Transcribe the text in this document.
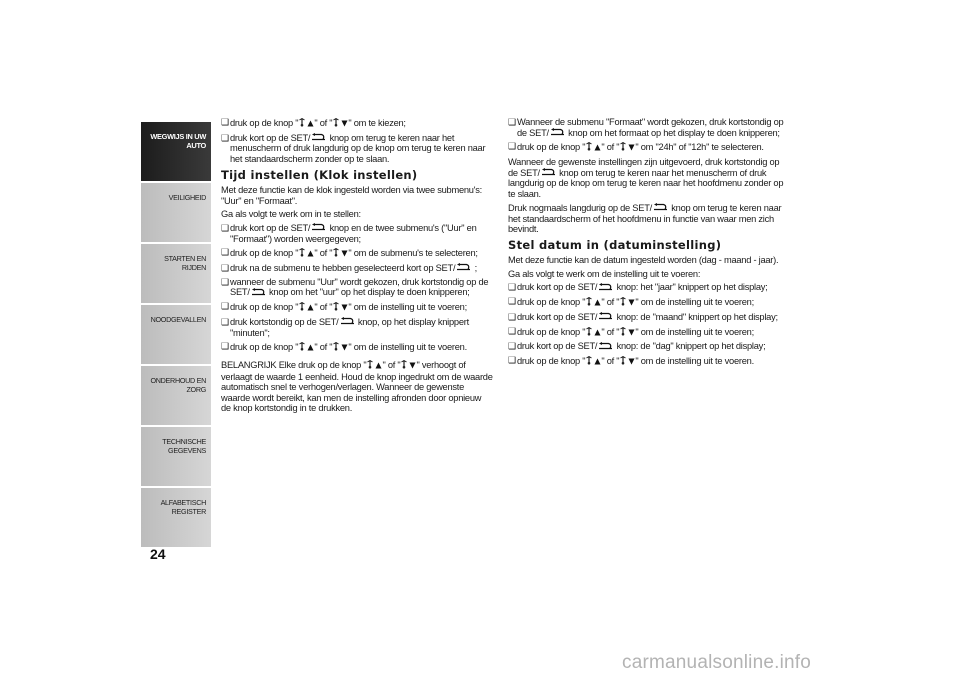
WEGWIJS IN UW
AUTO
VEILIGHEID
STARTEN EN RIJDEN
NOODGEVALLEN
ONDERHOUD EN
ZORG
TECHNISCHE
GEGEVENS
ALFABETISCH
REGISTER
24
❑ druk op de knop " " of " " om te kiezen;
❑ druk kort op de SET/ knop om terug te keren naar het menuscherm of druk langdurig op de knop om terug te keren naar het standaardscherm zonder op te slaan.
Tijd instellen (Klok instellen)
Met deze functie kan de klok ingesteld worden via twee submenu's: "Uur" en "Formaat".
Ga als volgt te werk om in te stellen:
❑ druk kort op de SET/ knop en de twee submenu's ("Uur" en "Formaat") worden weergegeven;
❑ druk op de knop " " of " " om de submenu's te selecteren;
❑ druk na de submenu te hebben geselecteerd kort op SET/ ;
❑ wanneer de submenu "Uur" wordt gekozen, druk kortstondig op de SET/ knop om het "uur" op het display te doen knipperen;
❑ druk op de knop " " of " " om de instelling uit te voeren;
❑ druk kortstondig op de SET/ knop, op het display knippert "minuten";
❑ druk op de knop " " of " " om de instelling uit te voeren.
BELANGRIJK Elke druk op de knop " " of " " verhoogt of verlaagt de waarde 1 eenheid. Houd de knop ingedrukt om de waarde automatisch snel te verhogen/verlagen. Wanneer de gewenste waarde wordt bereikt, kan men de instelling afronden door opnieuw de knop kortstondig in te drukken.
❑ Wanneer de submenu "Formaat" wordt gekozen, druk kortstondig op de SET/ knop om het formaat op het display te doen knipperen;
❑ druk op de knop " " of " " om "24h" of "12h" te selecteren.
Wanneer de gewenste instellingen zijn uitgevoerd, druk kortstondig op de SET/ knop om terug te keren naar het menuscherm of druk langdurig op de knop om terug te keren naar het hoofdmenu zonder op te slaan.
Druk nogmaals langdurig op de SET/ knop om terug te keren naar het standaardscherm of het hoofdmenu in functie van waar men zich bevindt.
Stel datum in (datuminstelling)
Met deze functie kan de datum ingesteld worden (dag - maand - jaar).
Ga als volgt te werk om de instelling uit te voeren:
❑ druk kort op de SET/ knop: het "jaar" knippert op het display;
❑ druk op de knop " " of " " om de instelling uit te voeren;
❑ druk kort op de SET/ knop: de "maand" knippert op het display;
❑ druk op de knop " " of " " om de instelling uit te voeren;
❑ druk kort op de SET/ knop: de "dag" knippert op het display;
❑ druk op de knop " " of " " om de instelling uit te voeren.
carmanualsonline.info
